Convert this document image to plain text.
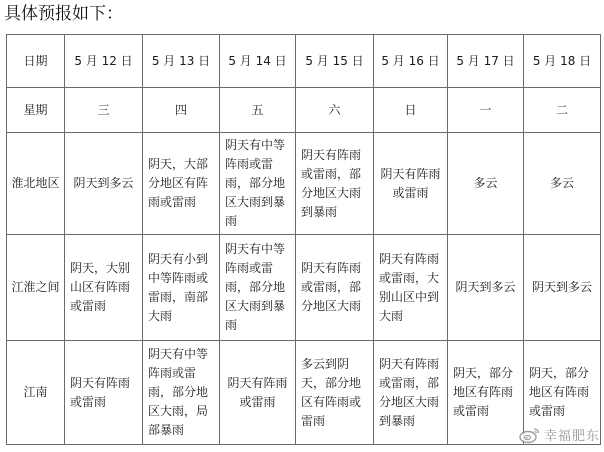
具体预报如下：
日期	5 月 12 日	5 月 13 日	5 月 14 日	5 月 15 日	5 月 16 日	5 月 17 日	5 月 18 日
星期	三	四	五	六	日	一	二
淮北地区	阴天到多云	阴天，大部分地区有阵雨或雷雨	阴天有中等阵雨或雷雨，部分地区大雨到暴雨	阴天有阵雨或雷雨，部分地区大雨到暴雨	阴天有阵雨或雷雨	多云	多云
江淮之间	阴天，大别山区有阵雨或雷雨	阴天有小到中等阵雨或雷雨，南部大雨	阴天有中等阵雨或雷雨，部分地区大雨到暴雨	阴天有阵雨或雷雨，部分地区大雨	阴天有阵雨或雷雨，大别山区中到大雨	阴天到多云	阴天到多云
江南	阴天有阵雨或雷雨	阴天有中等阵雨或雷雨，部分地区大雨，局部暴雨	阴天有阵雨或雷雨	多云到阴天，部分地区有阵雨或雷雨	阴天有阵雨或雷雨，部分地区大雨到暴雨	阴天，部分地区有阵雨或雷雨	阴天，部分地区有阵雨或雷雨
幸福肥东
